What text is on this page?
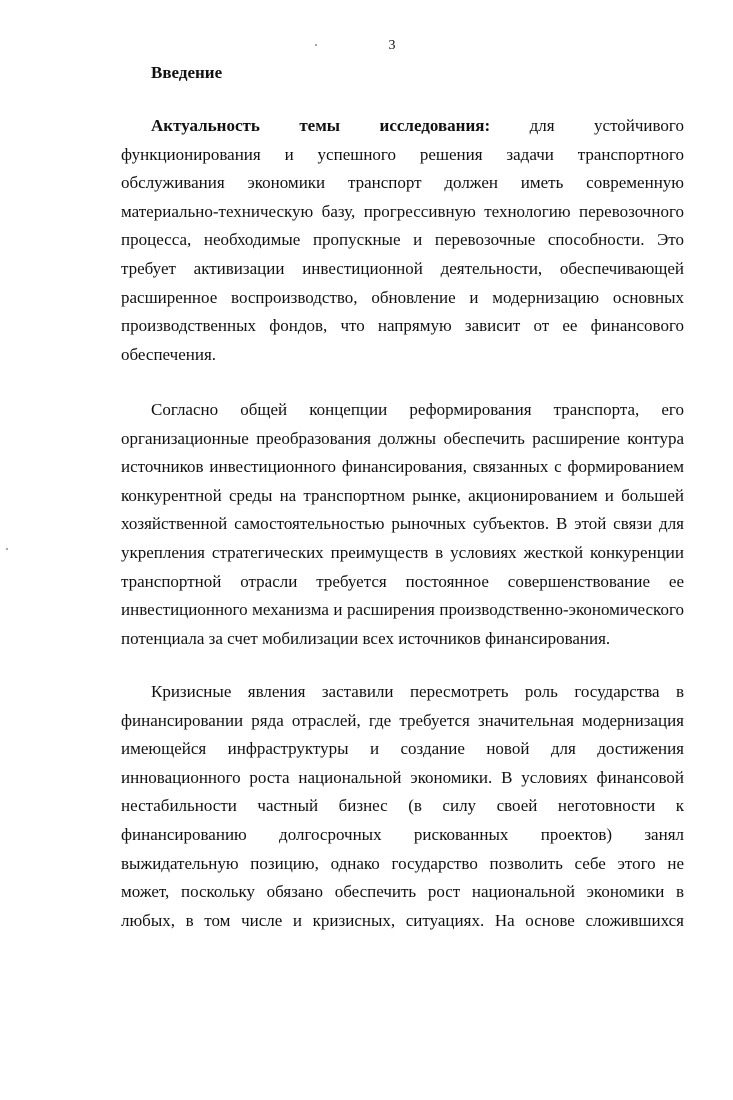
3
Введение
Актуальность темы исследования: для устойчивого
функционирования и успешного решения задачи транспортного
обслуживания экономики транспорт должен иметь современную
материально-техническую базу, прогрессивную технологию перевозочного
процесса, необходимые пропускные и перевозочные способности. Это
требует активизации инвестиционной деятельности, обеспечивающей
расширенное воспроизводство, обновление и модернизацию основных
производственных фондов, что напрямую зависит от ее финансового
обеспечения.
Согласно общей концепции реформирования транспорта, его
организационные преобразования должны обеспечить расширение контура
источников инвестиционного финансирования, связанных с формированием
конкурентной среды на транспортном рынке, акционированием и большей
хозяйственной самостоятельностью рыночных субъектов. В этой связи для
укрепления стратегических преимуществ в условиях жесткой конкуренции
транспортной отрасли требуется постоянное совершенствование ее
инвестиционного механизма и расширения производственно-экономического
потенциала за счет мобилизации всех источников финансирования.
Кризисные явления заставили пересмотреть роль государства в
финансировании ряда отраслей, где требуется значительная модернизация
имеющейся инфраструктуры и создание новой для достижения
инновационного роста национальной экономики. В условиях финансовой
нестабильности частный бизнес (в силу своей неготовности к
финансированию долгосрочных рискованных проектов) занял
выжидательную позицию, однако государство позволить себе этого не
может, поскольку обязано обеспечить рост национальной экономики в
любых, в том числе и кризисных, ситуациях. На основе сложившихся
